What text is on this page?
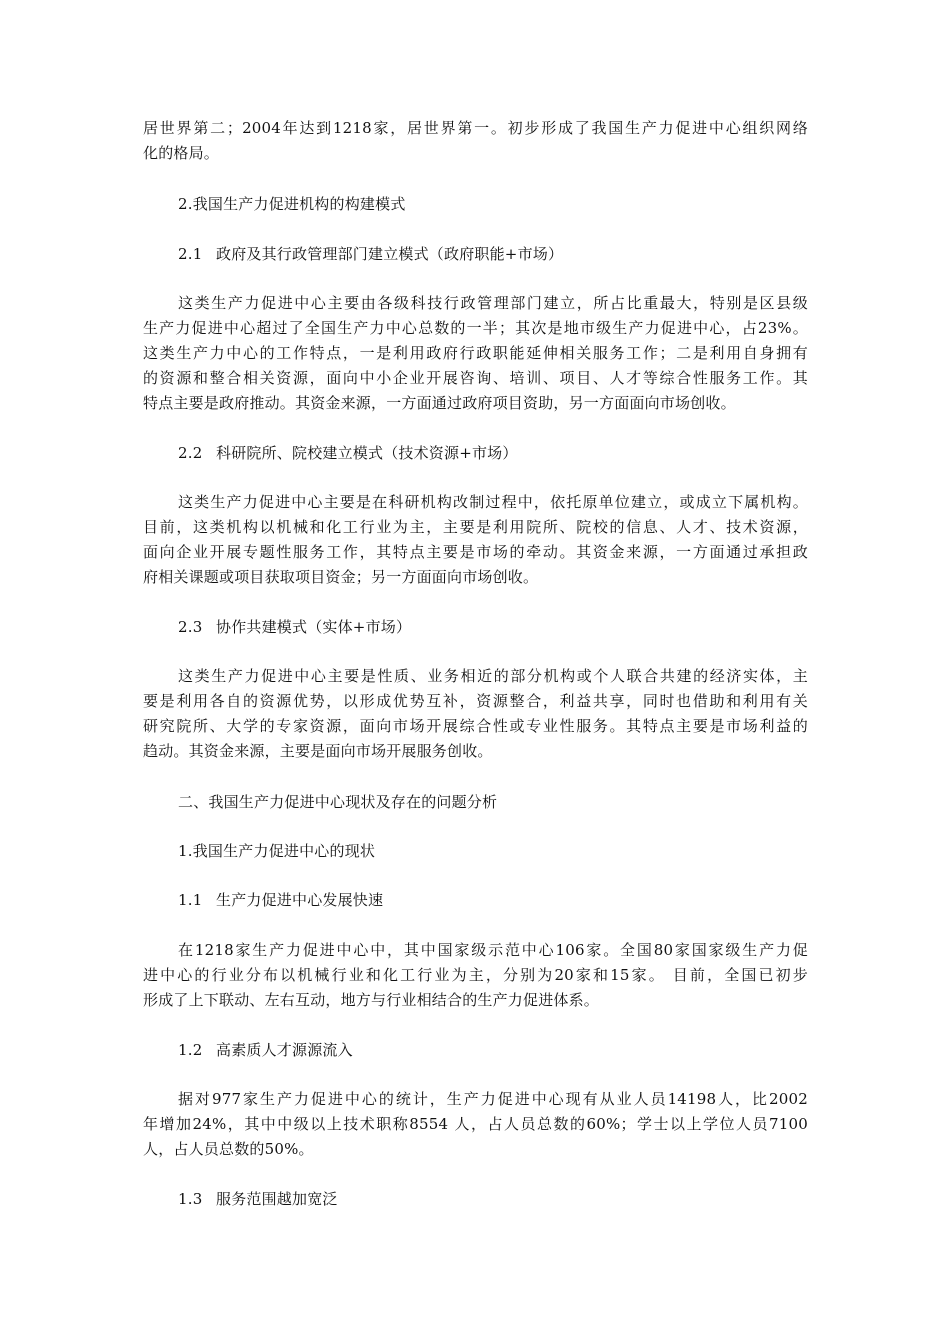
居世界第二；2004年达到1218家，居世界第一。初步形成了我国生产力促进中心组织网络
化的格局。
2.我国生产力促进机构的构建模式
2.1 政府及其行政管理部门建立模式（政府职能+市场）
这类生产力促进中心主要由各级科技行政管理部门建立，所占比重最大，特别是区县级
生产力促进中心超过了全国生产力中心总数的一半；其次是地市级生产力促进中心，占23%。
这类生产力中心的工作特点，一是利用政府行政职能延伸相关服务工作；二是利用自身拥有
的资源和整合相关资源，面向中小企业开展咨询、培训、项目、人才等综合性服务工作。其
特点主要是政府推动。其资金来源，一方面通过政府项目资助，另一方面面向市场创收。
2.2 科研院所、院校建立模式（技术资源+市场）
这类生产力促进中心主要是在科研机构改制过程中，依托原单位建立，或成立下属机构。
目前，这类机构以机械和化工行业为主，主要是利用院所、院校的信息、人才、技术资源，
面向企业开展专题性服务工作，其特点主要是市场的牵动。其资金来源，一方面通过承担政
府相关课题或项目获取项目资金；另一方面面向市场创收。
2.3 协作共建模式（实体+市场）
这类生产力促进中心主要是性质、业务相近的部分机构或个人联合共建的经济实体，主
要是利用各自的资源优势，以形成优势互补，资源整合，利益共享，同时也借助和利用有关
研究院所、大学的专家资源，面向市场开展综合性或专业性服务。其特点主要是市场利益的
趋动。其资金来源，主要是面向市场开展服务创收。
二、我国生产力促进中心现状及存在的问题分析
1.我国生产力促进中心的现状
1.1 生产力促进中心发展快速
在1218家生产力促进中心中，其中国家级示范中心106家。全国80家国家级生产力促
进中心的行业分布以机械行业和化工行业为主，分别为20家和15家。 目前，全国已初步
形成了上下联动、左右互动，地方与行业相结合的生产力促进体系。
1.2 高素质人才源源流入
据对977家生产力促进中心的统计，生产力促进中心现有从业人员14198人，比2002
年增加24%，其中中级以上技术职称8554 人，占人员总数的60%；学士以上学位人员7100
人，占人员总数的50%。
1.3 服务范围越加宽泛
